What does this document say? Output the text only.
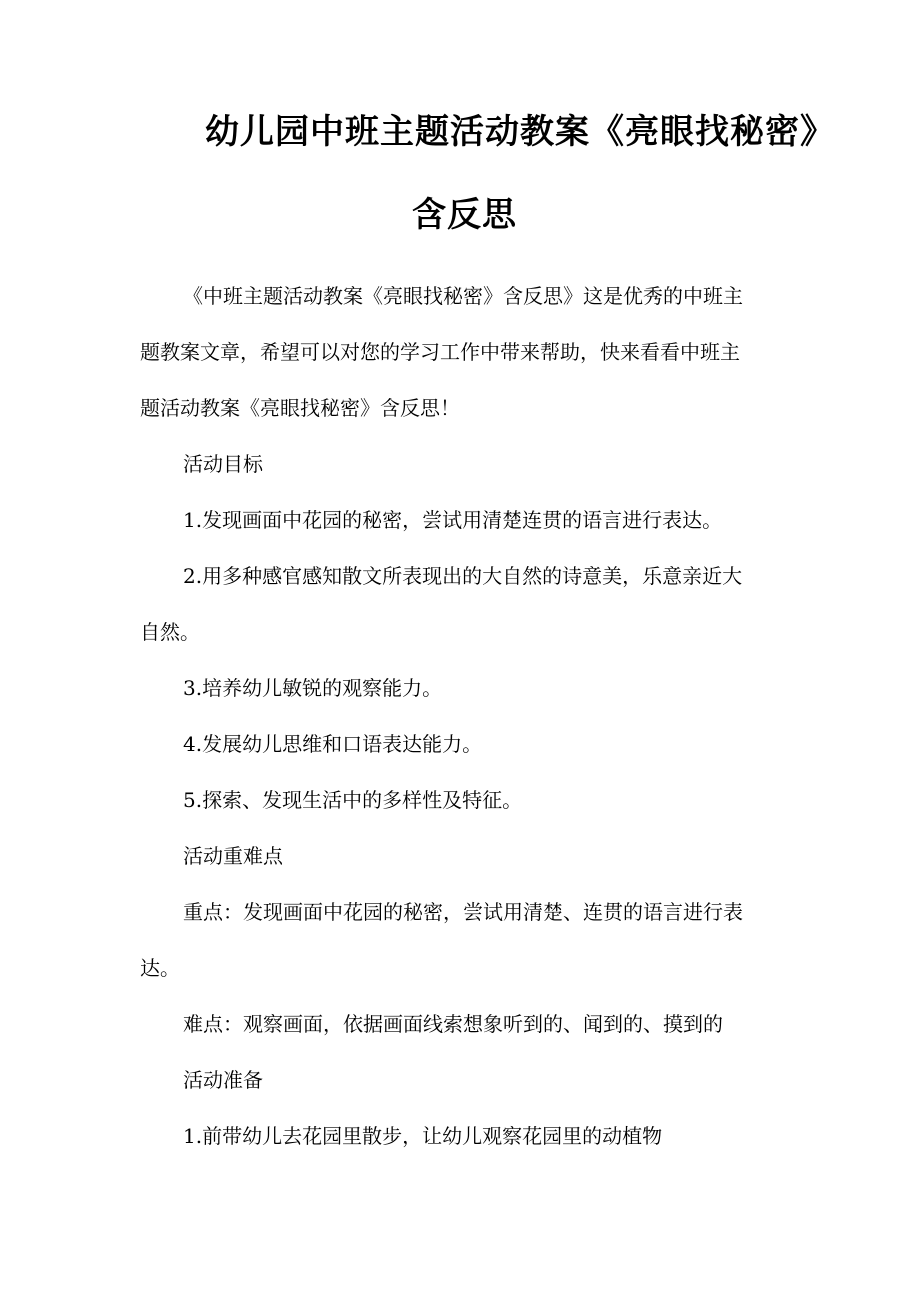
幼儿园中班主题活动教案《亮眼找秘密》
含反思
《中班主题活动教案《亮眼找秘密》含反思》这是优秀的中班主
题教案文章，希望可以对您的学习工作中带来帮助，快来看看中班主
题活动教案《亮眼找秘密》含反思！
活动目标
1.发现画面中花园的秘密，尝试用清楚连贯的语言进行表达。
2.用多种感官感知散文所表现出的大自然的诗意美，乐意亲近大
自然。
3.培养幼儿敏锐的观察能力。
4.发展幼儿思维和口语表达能力。
5.探索、发现生活中的多样性及特征。
活动重难点
重点：发现画面中花园的秘密，尝试用清楚、连贯的语言进行表
达。
难点：观察画面，依据画面线索想象听到的、闻到的、摸到的
活动准备
1.前带幼儿去花园里散步，让幼儿观察花园里的动植物
